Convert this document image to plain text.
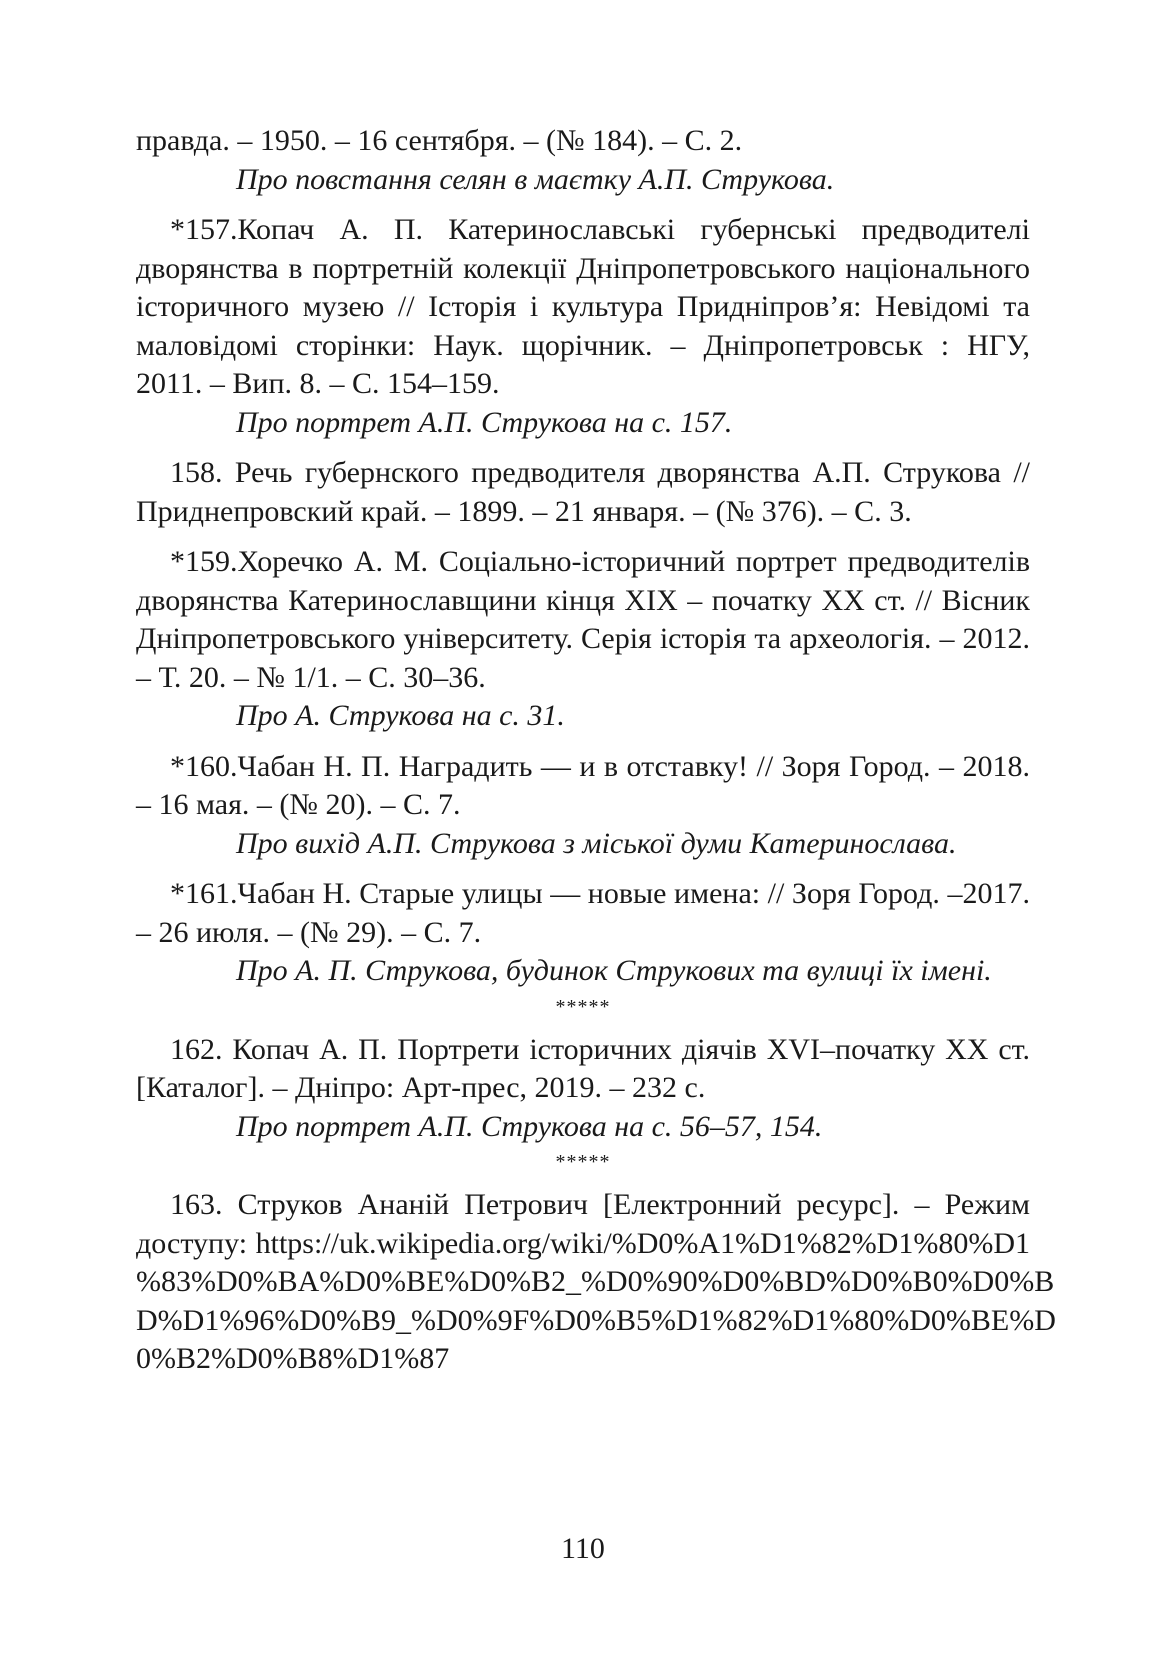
правда. – 1950. – 16 сентября. – (№ 184). – С. 2.
Про повстання селян в маєтку А.П. Струкова.
*157.Копач А. П. Катеринославські губернські предводителі дворянства в портретній колекції Дніпропетровського національного історичного музею // Історія і культура Придніпров’я: Невідомі та маловідомі сторінки: Наук. щорічник. – Дніпропетровськ : НГУ, 2011. – Вип. 8. – С. 154–159.
Про портрет А.П. Струкова на с. 157.
158. Речь губернского предводителя дворянства А.П. Струкова // Приднепровский край. – 1899. – 21 января. – (№ 376). – С. 3.
*159.Хоречко А. М. Соціально-історичний портрет предводителів дворянства Катеринославщини кінця ХІХ – початку ХХ ст. // Вісник Дніпропетровського університету. Серія історія та археологія. – 2012. – Т. 20. – № 1/1. – С. 30–36.
Про А. Струкова на с. 31.
*160.Чабан Н. П. Наградить — и в отставку! // Зоря Город. – 2018. – 16 мая. – (№ 20). – С. 7.
Про вихід А.П. Струкова з міської думи Катеринослава.
*161.Чабан Н. Старые улицы — новые имена: // Зоря Город. –2017. – 26 июля. – (№ 29). – С. 7.
Про А. П. Струкова, будинок Струкових та вулиці їх імені.
*****
162. Копач А. П. Портрети історичних діячів XVI–початку ХХ ст. [Каталог]. – Дніпро: Арт-прес, 2019. – 232 с.
Про портрет А.П. Струкова на с. 56–57, 154.
*****
163. Струков Ананій Петрович [Електронний ресурс]. – Режим доступу: https://uk.wikipedia.org/wiki/%D0%A1%D1%82%D1%80%D1
%83%D0%BA%D0%BE%D0%B2_%D0%90%D0%BD%D0%B0%D0%B
D%D1%96%D0%B9_%D0%9F%D0%B5%D1%82%D1%80%D0%BE%D
0%B2%D0%B8%D1%87
110
